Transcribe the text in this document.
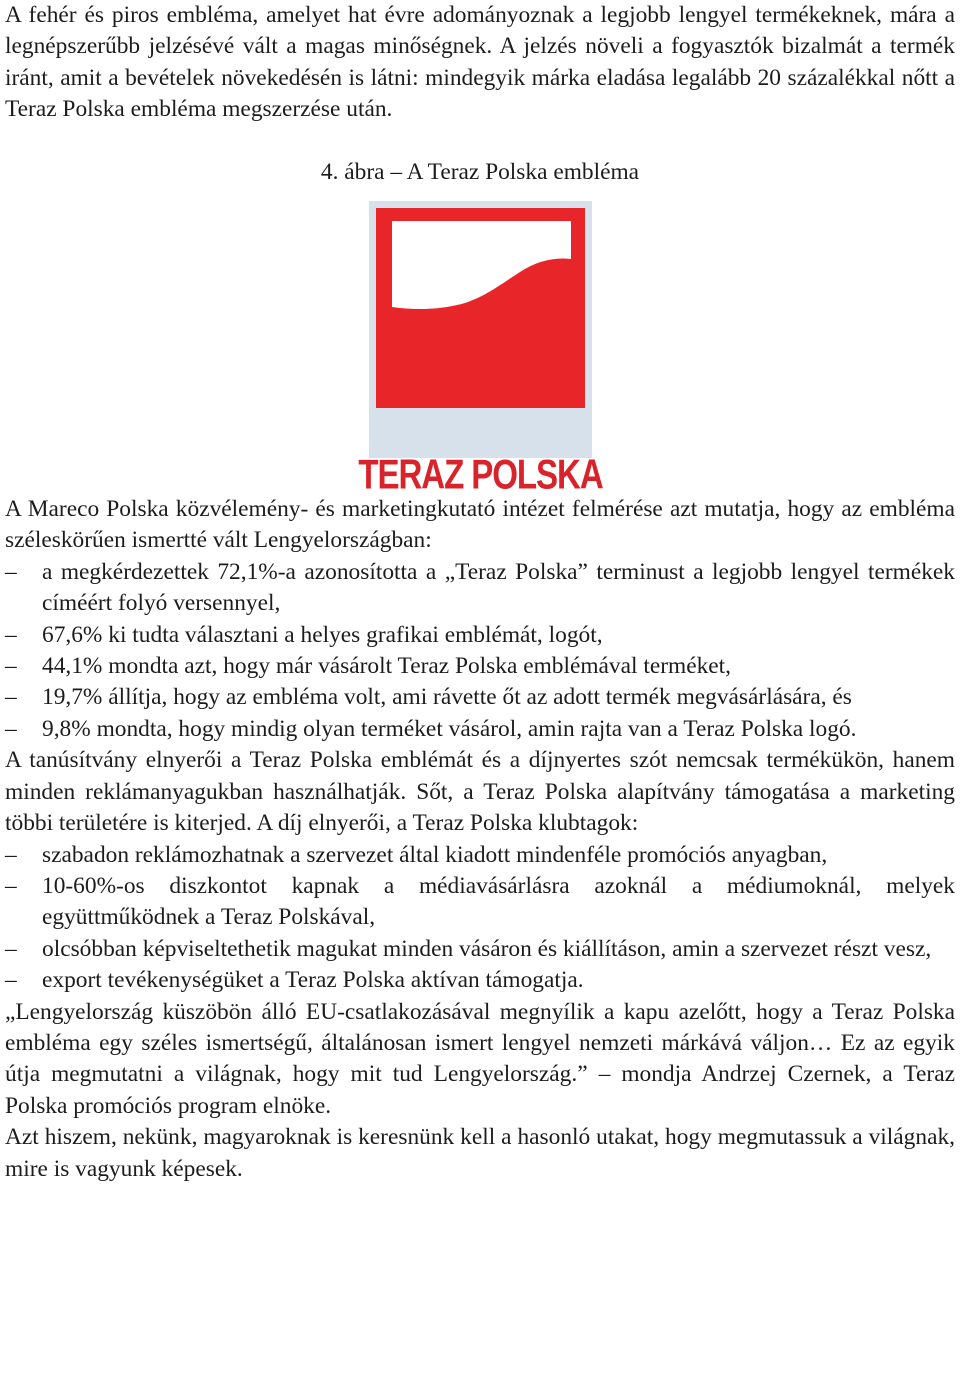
A fehér és piros embléma, amelyet hat évre adományoznak a legjobb lengyel termékeknek, mára a legnépszerűbb jelzésévé vált a magas minőségnek. A jelzés növeli a fogyasztók bizalmát a termék iránt, amit a bevételek növekedésén is látni: mindegyik márka eladása legalább 20 százalékkal nőtt a Teraz Polska embléma megszerzése után.

4. ábra – A Teraz Polska embléma

TERAZ POLSKA

A Mareco Polska közvélemény- és marketingkutató intézet felmérése azt mutatja, hogy az embléma széleskörűen ismertté vált Lengyelországban:

–	a megkérdezettek 72,1%-a azonosította a „Teraz Polska” terminust a legjobb lengyel termékek címéért folyó versennyel,
–	67,6% ki tudta választani a helyes grafikai emblémát, logót,
–	44,1% mondta azt, hogy már vásárolt Teraz Polska emblémával terméket,
–	19,7% állítja, hogy az embléma volt, ami rávette őt az adott termék megvásárlására, és
–	9,8% mondta, hogy mindig olyan terméket vásárol, amin rajta van a Teraz Polska logó.

A tanúsítvány elnyerői a Teraz Polska emblémát és a díjnyertes szót nemcsak termékükön, hanem minden reklámanyagukban használhatják. Sőt, a Teraz Polska alapítvány támogatása a marketing többi területére is kiterjed. A díj elnyerői, a Teraz Polska klubtagok:

–	szabadon reklámozhatnak a szervezet által kiadott mindenféle promóciós anyagban,
–	10-60%-os diszkontot kapnak a médiavásárlásra azoknál a médiumoknál, melyek együttműködnek a Teraz Polskával,
–	olcsóbban képviseltethetik magukat minden vásáron és kiállításon, amin a szervezet részt vesz,
–	export tevékenységüket a Teraz Polska aktívan támogatja.

„Lengyelország küszöbön álló EU-csatlakozásával megnyílik a kapu azelőtt, hogy a Teraz Polska embléma egy széles ismertségű, általánosan ismert lengyel nemzeti márkává váljon… Ez az egyik útja megmutatni a világnak, hogy mit tud Lengyelország.” – mondja Andrzej Czernek, a Teraz Polska promóciós program elnöke.

Azt hiszem, nekünk, magyaroknak is keresnünk kell a hasonló utakat, hogy megmutassuk a világnak, mire is vagyunk képesek.
